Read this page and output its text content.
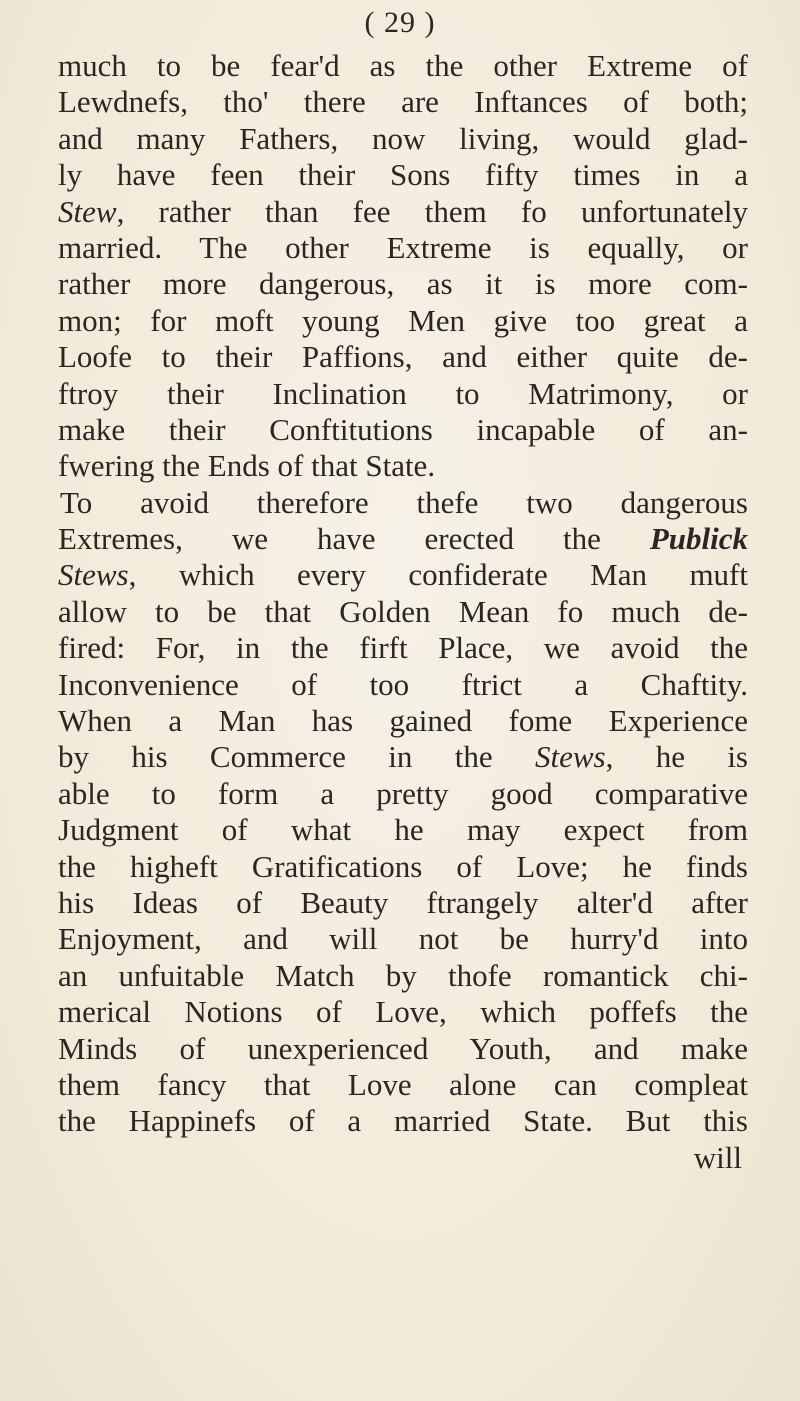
( 29 )
much to be fear'd as the other Extreme of
Lewdnefs, tho' there are Inftances of both;
and many Fathers, now living, would glad-
ly have feen their Sons fifty times in a
Stew, rather than fee them fo unfortunately
married. The other Extreme is equally, or
rather more dangerous, as it is more com-
mon; for moft young Men give too great a
Loofe to their Paffions, and either quite de-
ftroy their Inclination to Matrimony, or
make their Conftitutions incapable of an-
fwering the Ends of that State.
To avoid therefore thefe two dangerous
Extremes, we have erected the Publick
Stews, which every confiderate Man muft
allow to be that Golden Mean fo much de-
fired: For, in the firft Place, we avoid the
Inconvenience of too ftrict a Chaftity.
When a Man has gained fome Experience
by his Commerce in the Stews, he is
able to form a pretty good comparative
Judgment of what he may expect from
the higheft Gratifications of Love; he finds
his Ideas of Beauty ftrangely alter'd after
Enjoyment, and will not be hurry'd into
an unfuitable Match by thofe romantick chi-
merical Notions of Love, which poffefs the
Minds of unexperienced Youth, and make
them fancy that Love alone can compleat
the Happinefs of a married State. But this
will
